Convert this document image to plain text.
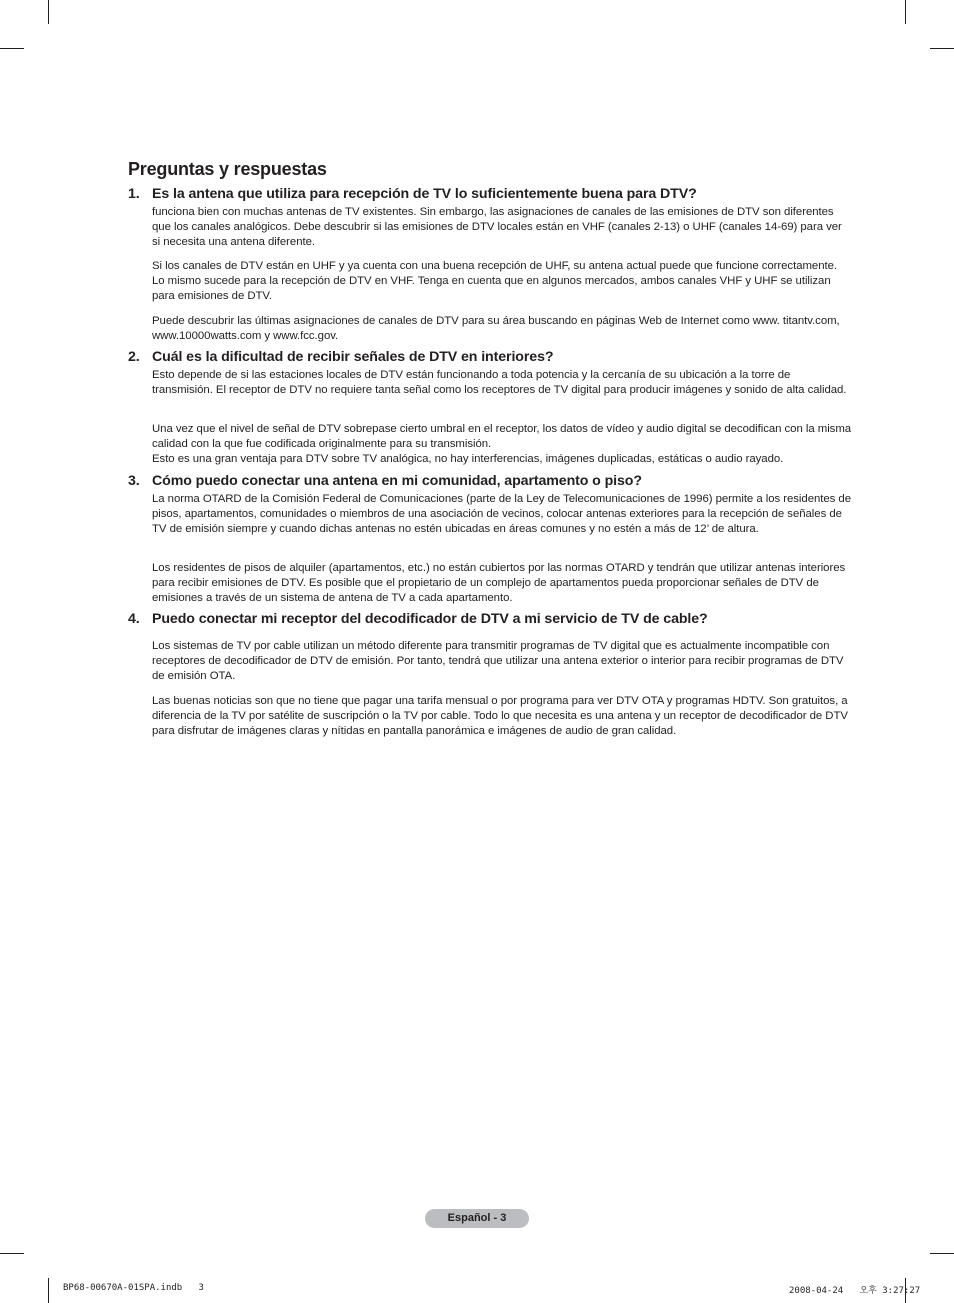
Preguntas y respuestas
1. Es la antena que utiliza para recepción de TV lo suficientemente buena para DTV?

funciona bien con muchas antenas de TV existentes. Sin embargo, las asignaciones de canales de las emisiones de DTV son diferentes que los canales analógicos. Debe descubrir si las emisiones de DTV locales están en VHF (canales 2-13) o UHF (canales 14-69) para ver si necesita una antena diferente.

Si los canales de DTV están en UHF y ya cuenta con una buena recepción de UHF, su antena actual puede que funcione correctamente. Lo mismo sucede para la recepción de DTV en VHF. Tenga en cuenta que en algunos mercados, ambos canales VHF y UHF se utilizan para emisiones de DTV.

Puede descubrir las últimas asignaciones de canales de DTV para su área buscando en páginas Web de Internet como www. titantv.com, www.10000watts.com y www.fcc.gov.

2. Cuál es la dificultad de recibir señales de DTV en interiores?

Esto depende de si las estaciones locales de DTV están funcionando a toda potencia y la cercanía de su ubicación a la torre de transmisión. El receptor de DTV no requiere tanta señal como los receptores de TV digital para producir imágenes y sonido de alta calidad.

Una vez que el nivel de señal de DTV sobrepase cierto umbral en el receptor, los datos de vídeo y audio digital se decodifican con la misma calidad con la que fue codificada originalmente para su transmisión.

Esto es una gran ventaja para DTV sobre TV analógica, no hay interferencias, imágenes duplicadas, estáticas o audio rayado.

3. Cómo puedo conectar una antena en mi comunidad, apartamento o piso?

La norma OTARD de la Comisión Federal de Comunicaciones (parte de la Ley de Telecomunicaciones de 1996) permite a los residentes de pisos, apartamentos, comunidades o miembros de una asociación de vecinos, colocar antenas exteriores para la recepción de señales de TV de emisión siempre y cuando dichas antenas no estén ubicadas en áreas comunes y no estén a más de 12’ de altura.

Los residentes de pisos de alquiler (apartamentos, etc.) no están cubiertos por las normas OTARD y tendrán que utilizar antenas interiores para recibir emisiones de DTV. Es posible que el propietario de un complejo de apartamentos pueda proporcionar señales de DTV de emisiones a través de un sistema de antena de TV a cada apartamento.

4. Puedo conectar mi receptor del decodificador de DTV a mi servicio de TV de cable?

Los sistemas de TV por cable utilizan un método diferente para transmitir programas de TV digital que es actualmente incompatible con receptores de decodificador de DTV de emisión. Por tanto, tendrá que utilizar una antena exterior o interior para recibir programas de DTV de emisión OTA.

Las buenas noticias son que no tiene que pagar una tarifa mensual o por programa para ver DTV OTA y programas HDTV. Son gratuitos, a diferencia de la TV por satélite de suscripción o la TV por cable. Todo lo que necesita es una antena y un receptor de decodificador de DTV para disfrutar de imágenes claras y nítidas en pantalla panorámica e imágenes de audio de gran calidad.

Español - 3
BP68-00670A-01SPA.indb   3	2008-04-24   오후 3:27:27
